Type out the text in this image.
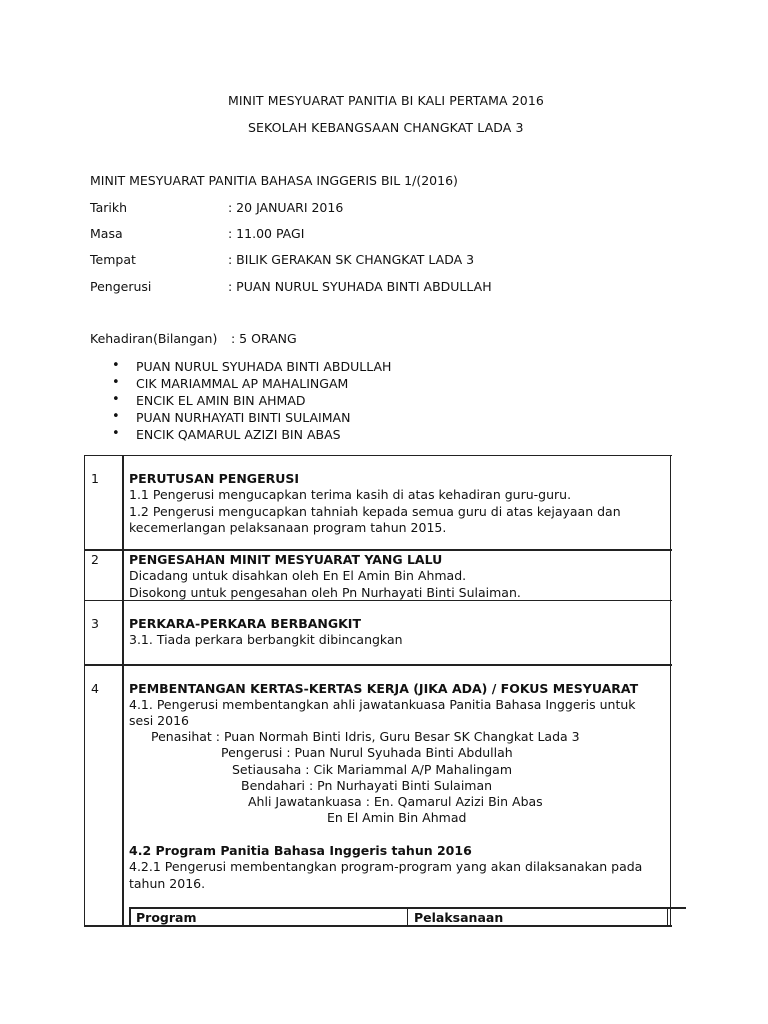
MINIT MESYUARAT PANITIA BI KALI PERTAMA 2016
SEKOLAH KEBANGSAAN CHANGKAT LADA 3
MINIT MESYUARAT PANITIA BAHASA INGGERIS BIL 1/(2016)
Tarikh	: 20 JANUARI 2016
Masa	: 11.00 PAGI
Tempat	: BILIK GERAKAN SK CHANGKAT LADA 3
Pengerusi	: PUAN NURUL SYUHADA BINTI ABDULLAH
Kehadiran(Bilangan) : 5 ORANG
• PUAN NURUL SYUHADA BINTI ABDULLAH
• CIK MARIAMMAL AP MAHALINGAM
• ENCIK EL AMIN BIN AHMAD
• PUAN NURHAYATI BINTI SULAIMAN
• ENCIK QAMARUL AZIZI BIN ABAS
1 PERUTUSAN PENGERUSI
1.1 Pengerusi mengucapkan terima kasih di atas kehadiran guru-guru.
1.2 Pengerusi mengucapkan tahniah kepada semua guru di atas kejayaan dan
kecemerlangan pelaksanaan program tahun 2015.
2 PENGESAHAN MINIT MESYUARAT YANG LALU
Dicadang untuk disahkan oleh En El Amin Bin Ahmad.
Disokong untuk pengesahan oleh Pn Nurhayati Binti Sulaiman.
3 PERKARA-PERKARA BERBANGKIT
3.1. Tiada perkara berbangkit dibincangkan
4 PEMBENTANGAN KERTAS-KERTAS KERJA (JIKA ADA) / FOKUS MESYUARAT
4.1. Pengerusi membentangkan ahli jawatankuasa Panitia Bahasa Inggeris untuk
sesi 2016
Penasihat : Puan Normah Binti Idris, Guru Besar SK Changkat Lada 3
Pengerusi : Puan Nurul Syuhada Binti Abdullah
Setiausaha : Cik Mariammal A/P Mahalingam
Bendahari : Pn Nurhayati Binti Sulaiman
Ahli Jawatankuasa : En. Qamarul Azizi Bin Abas
En El Amin Bin Ahmad
4.2 Program Panitia Bahasa Inggeris tahun 2016
4.2.1 Pengerusi membentangkan program-program yang akan dilaksanakan pada
tahun 2016.
Program	Pelaksanaan
